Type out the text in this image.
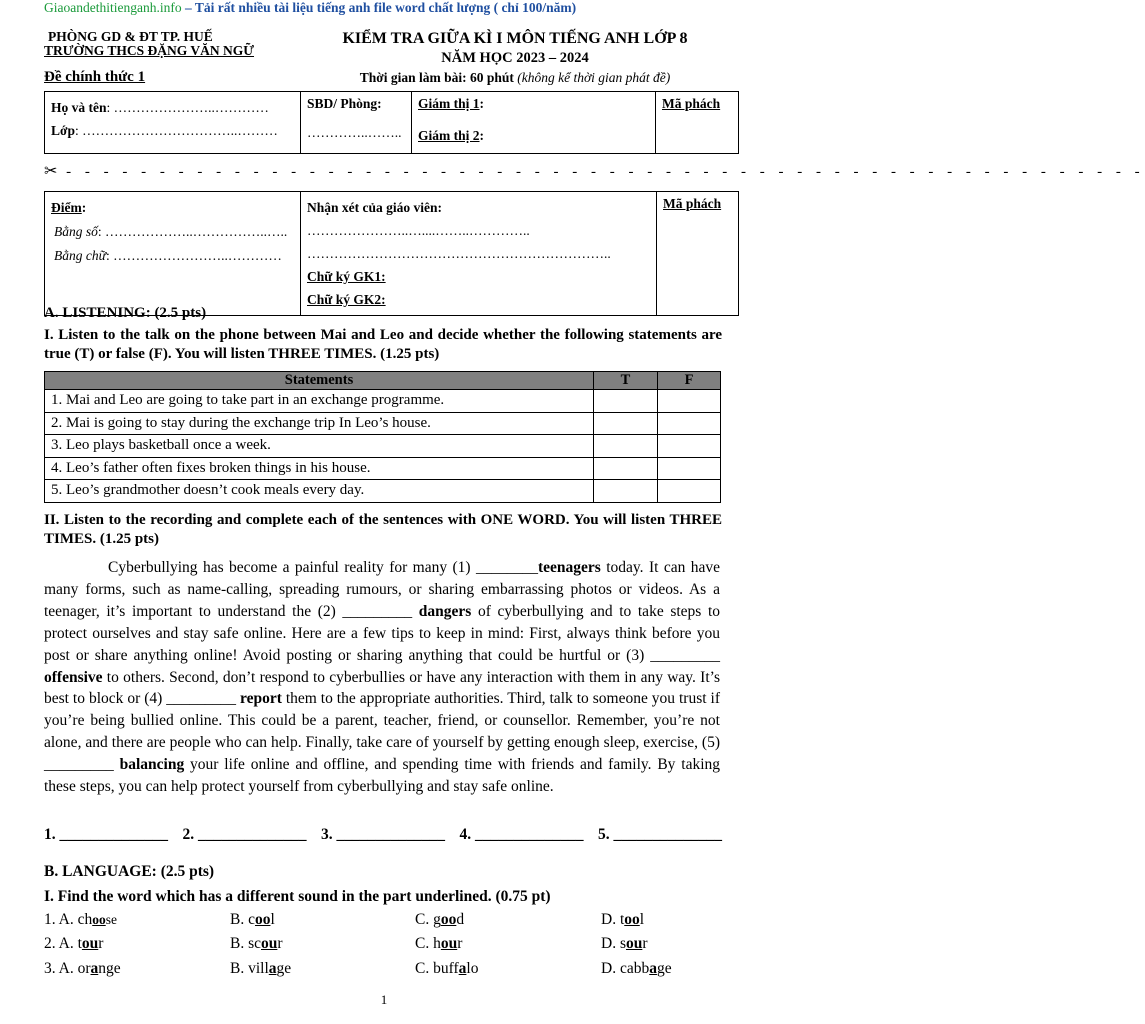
Giaoandethitienganh.info – Tải rất nhiều tài liệu tiếng anh file word chất lượng ( chỉ 100/năm)
PHÒNG GD & ĐT TP. HUẾ
TRƯỜNG THCS ĐẶNG VĂN NGỮ
Đề chính thức 1
KIỂM TRA GIỮA KÌ I MÔN TIẾNG ANH LỚP 8
NĂM HỌC 2023 – 2024
Thời gian làm bài: 60 phút (không kể thời gian phát đề)
Họ và tên: …………………..…………
Lớp: ……………………………..………

SBD/ Phòng:
…………..……..

Giám thị 1:
Giám thị 2:
	Mã phách
✂ - - - - - - - - - - - - - - - - - - - - - - - - - - - - - - - - - - - - - - - - - - - - - - - - - - - - - - - - - -
Điểm:
Bằng số: ………………..……………..…..
Bằng chữ: ……………………..…………

Nhận xét của giáo viên: …………………..…....……..…………..
…………………………………………………………..
Chữ ký GK1:
Chữ ký GK2:
	Mã phách
A. LISTENING: (2.5 pts)
I. Listen to the talk on the phone between Mai and Leo and decide whether the following statements are true (T) or false (F). You will listen THREE TIMES. (1.25 pts)
Statements	T	F
1. Mai and Leo are going to take part in an exchange programme.		
2. Mai is going to stay during the exchange trip In Leo’s house.		
3. Leo plays basketball once a week.		
4. Leo’s father often fixes broken things in his house.		
5. Leo’s grandmother doesn’t cook meals every day.		
II. Listen to the recording and complete each of the sentences with ONE WORD. You will listen THREE TIMES. (1.25 pts)

Cyberbullying has become a painful reality for many (1) ________teenagers today. It can have many forms, such as name-calling, spreading rumours, or sharing embarrassing photos or videos. As a teenager, it’s important to understand the (2) _________ dangers of cyberbullying and to take steps to protect ourselves and stay safe online. Here are a few tips to keep in mind: First, always think before you post or share anything online! Avoid posting or sharing anything that could be hurtful or (3) _________ offensive to others. Second, don’t respond to cyberbullies or have any interaction with them in any way. It’s best to block or (4) _________ report them to the appropriate authorities. Third, talk to someone you trust if you’re being bullied online. This could be a parent, teacher, friend, or counsellor. Remember, you’re not alone, and there are people who can help. Finally, take care of yourself by getting enough sleep, exercise, (5) _________ balancing your life online and offline, and spending time with friends and family. By taking these steps, you can help protect yourself from cyberbullying and stay safe online.

1. ______________ 2. ______________ 3. ______________ 4. ______________ 5. ______________
B. LANGUAGE: (2.5 pts)
I. Find the word which has a different sound in the part underlined. (0.75 pt)
1. A. choose	B. cool	C. good	D. tool
2. A. tour	B. scour	C. hour	D. sour
3. A. orange	B. village	C. buffalo	D. cabbage
1
